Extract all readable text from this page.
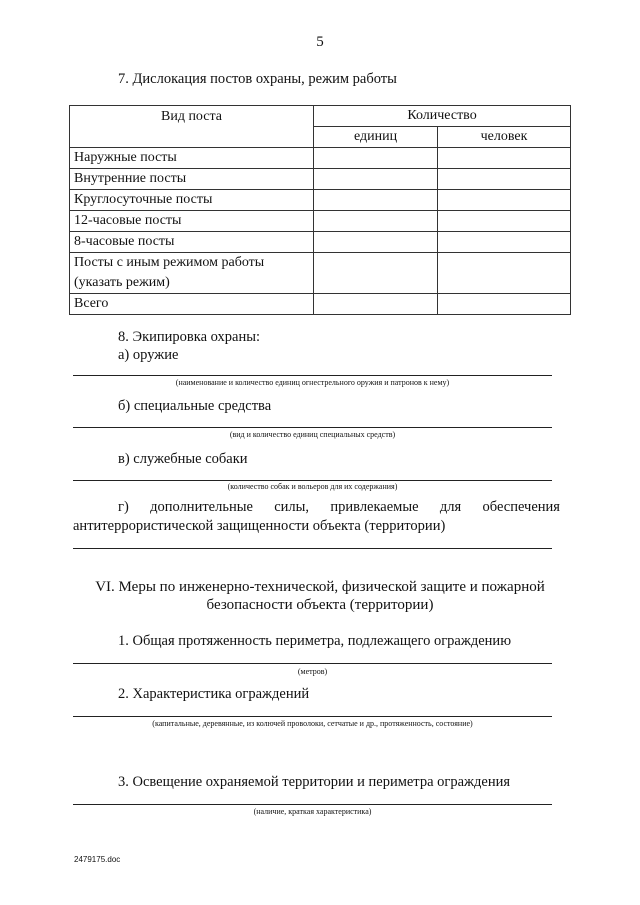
5
7. Дислокация постов охраны, режим работы
Вид поста	Количество	
	единиц	человек
Наружные посты		
Внутренние посты		
Круглосуточные посты		
12-часовые посты		
8-часовые посты		

Посты с иным режимом работы
(указать режим)		

Всего		
8. Экипировка охраны:
а) оружие
(наименование и количество единиц огнестрельного оружия и патронов к нему)
б) специальные средства
(вид и количество единиц специальных средств)
в) служебные собаки
(количество собак и вольеров для их содержания)
г) дополнительные силы, привлекаемые для обеспечения
антитеррористической защищенности объекта (территории)
VI. Меры по инженерно-технической, физической защите и пожарной
безопасности объекта (территории)
1. Общая протяженность периметра, подлежащего ограждению
(метров)
2. Характеристика ограждений
(капитальные, деревянные, из колючей проволоки, сетчатые и др., протяженность, состояние)
3. Освещение охраняемой территории и периметра ограждения
(наличие, краткая характеристика)
2479175.doc
